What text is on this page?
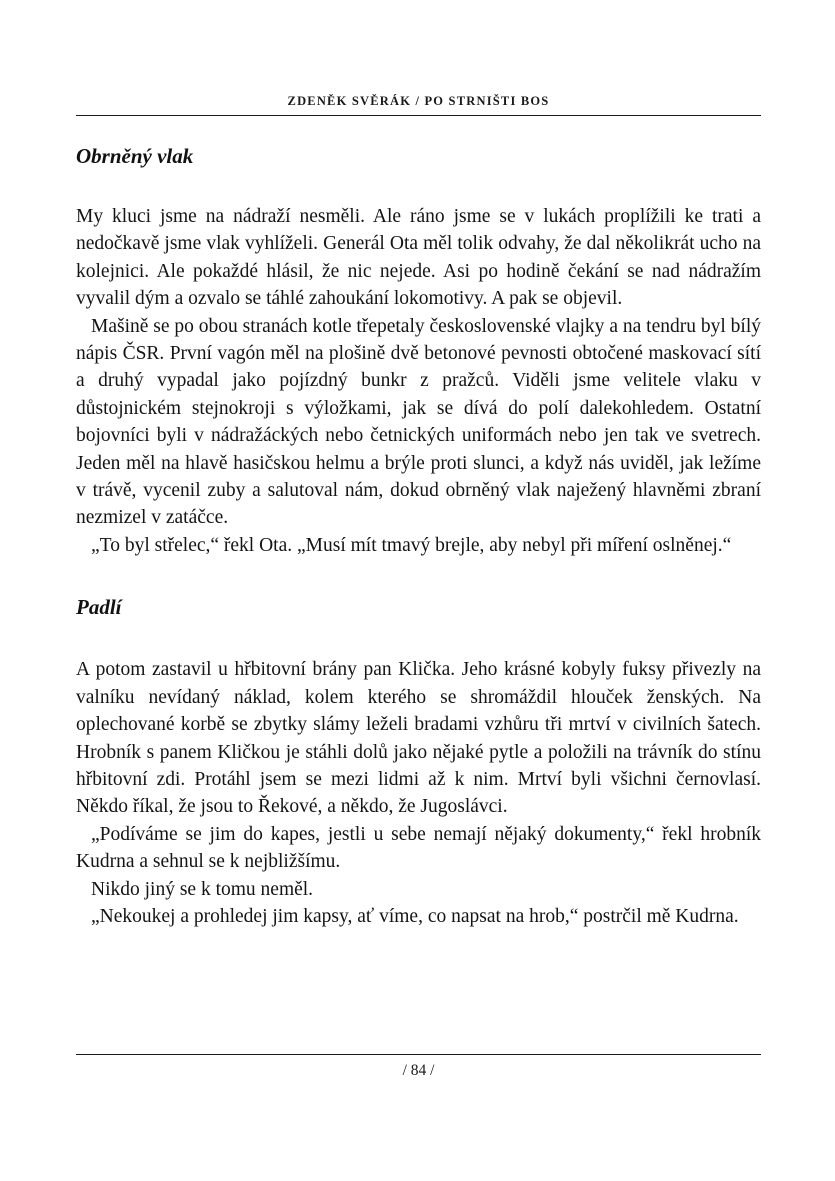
ZDENĚK SVĚRÁK / PO STRNIŠTI BOS
Obrněný vlak

My kluci jsme na nádraží nesměli. Ale ráno jsme se v lukách proplížili ke trati a nedočkavě jsme vlak vyhlíželi. Generál Ota měl tolik odvahy, že dal několikrát ucho na kolejnici. Ale pokaždé hlásil, že nic nejede. Asi po hodině čekání se nad nádražím vyvalil dým a ozvalo se táhlé zahoukání lokomotivy. A pak se objevil.

Mašině se po obou stranách kotle třepetaly československé vlajky a na tendru byl bílý nápis ČSR. První vagón měl na plošině dvě betonové pevnosti obtočené maskovací sítí a druhý vypadal jako pojízdný bunkr z pražců. Viděli jsme velitele vlaku v důstojnickém stejnokroji s výložkami, jak se dívá do polí dalekohledem. Ostatní bojovníci byli v nádražáckých nebo četnických uniformách nebo jen tak ve svetrech. Jeden měl na hlavě hasičskou helmu a brýle proti slunci, a když nás uviděl, jak ležíme v trávě, vycenil zuby a salutoval nám, dokud obrněný vlak naježený hlavněmi zbraní nezmizel v zatáčce.

„To byl střelec,“ řekl Ota. „Musí mít tmavý brejle, aby nebyl při míření oslněnej.“

Padlí

A potom zastavil u hřbitovní brány pan Klička. Jeho krásné kobyly fuksy přivezly na valníku nevídaný náklad, kolem kterého se shromáždil hlouček ženských. Na oplechované korbě se zbytky slámy leželi bradami vzhůru tři mrtví v civilních šatech. Hrobník s panem Kličkou je stáhli dolů jako nějaké pytle a položili na trávník do stínu hřbitovní zdi. Protáhl jsem se mezi lidmi až k nim. Mrtví byli všichni černovlasí. Někdo říkal, že jsou to Řekové, a někdo, že Jugoslávci.

„Podíváme se jim do kapes, jestli u sebe nemají nějaký dokumenty,“ řekl hrobník Kudrna a sehnul se k nejbližšímu.

Nikdo jiný se k tomu neměl.

„Nekoukej a prohledej jim kapsy, ať víme, co napsat na hrob,“ postrčil mě Kudrna.

/ 84 /
